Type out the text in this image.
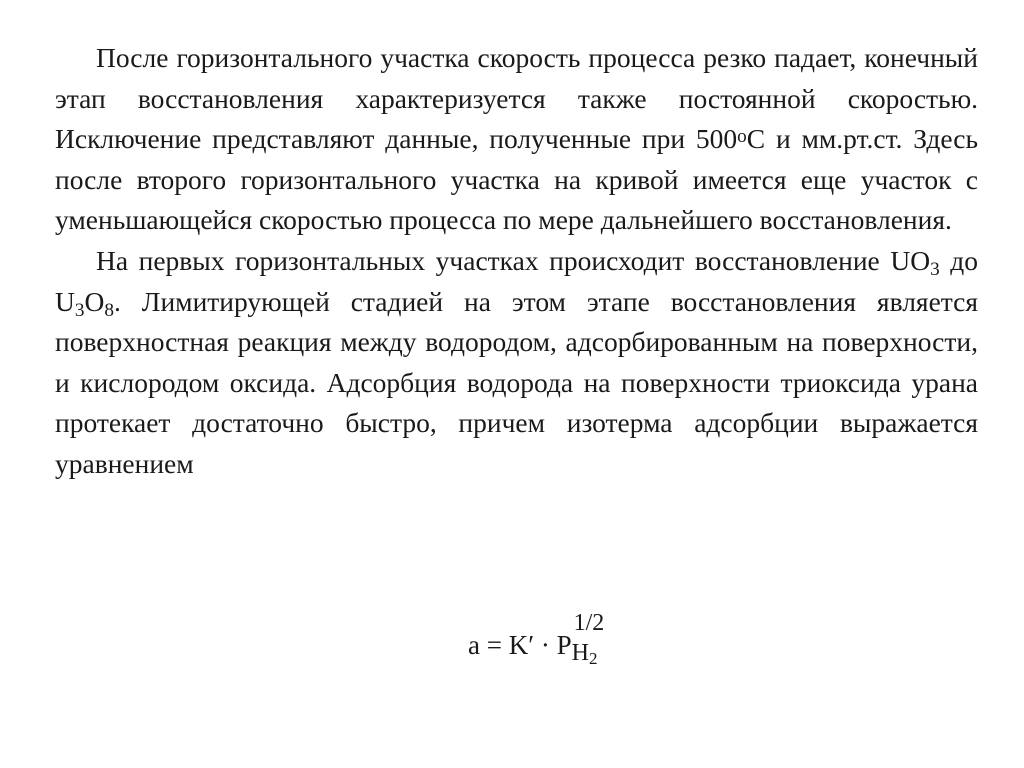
После горизонтального участка скорость процесса резко падает, конечный этап восстановления характеризуется также постоянной скоростью. Исключение представляют данные, полученные при $500^оС$ и мм.рт.ст. Здесь после второго горизонтального участка на кривой имеется еще участок с уменьшающейся скоростью процесса по мере дальнейшего восстановления.

На первых горизонтальных участках происходит восстановление $UO_3$ до $U_3O_8$. Лимитирующей стадией на этом этапе восстановления является поверхностная реакция между водородом, адсорбированным на поверхности, и кислородом оксида. Адсорбция водорода на поверхности триоксида урана протекает достаточно быстро, причем изотерма адсорбции выражается уравнением

a = K′ · P
1/2
H2
